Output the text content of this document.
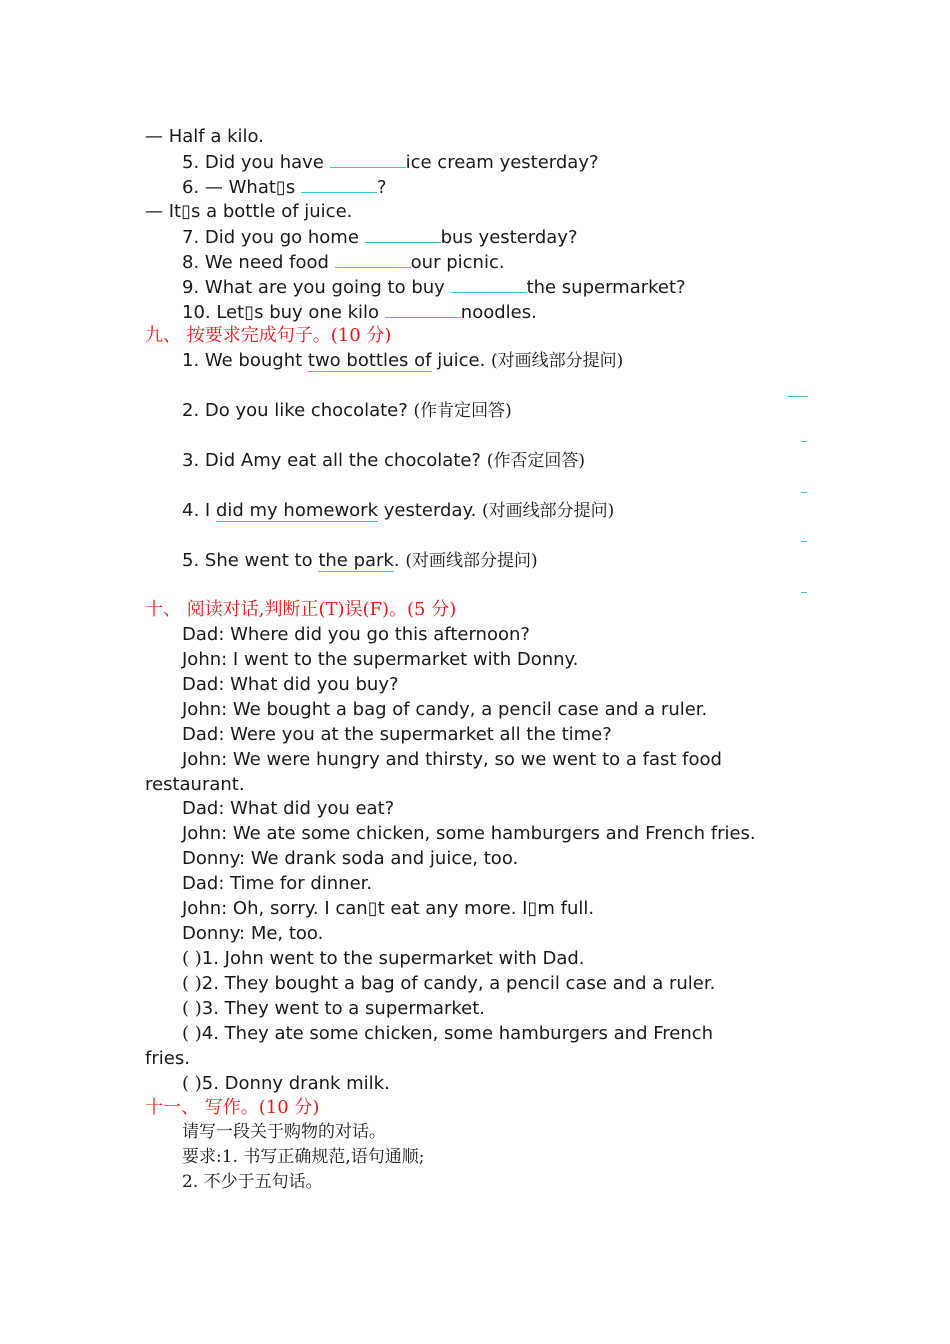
— Half a kilo.
5. Did you have	ice cream yesterday?
6. — What▯s	?
— It▯s a bottle of juice.
7. Did you go home	bus yesterday?
8. We need food	our picnic.
9. What are you going to buy	the supermarket?
10. Let▯s buy one kilo	noodles.
九、 按要求完成句子。(10 分)
1. We bought two bottles of juice. (对画线部分提问)
2. Do you like chocolate? (作肯定回答)
3. Did Amy eat all the chocolate? (作否定回答)
4. I did my homework yesterday. (对画线部分提问)
5. She went to the park. (对画线部分提问)
十、 阅读对话,判断正(T)误(F)。(5 分)
Dad: Where did you go this afternoon?
John: I went to the supermarket with Donny.
Dad: What did you buy?
John: We bought a bag of candy, a pencil case and a ruler.
Dad: Were you at the supermarket all the time?
John: We were hungry and thirsty, so we went to a fast food
restaurant.
Dad: What did you eat?
John: We ate some chicken, some hamburgers and French fries.
Donny: We drank soda and juice, too.
Dad: Time for dinner.
John: Oh, sorry. I can▯t eat any more. I▯m full.
Donny: Me, too.
( )1. John went to the supermarket with Dad.
( )2. They bought a bag of candy, a pencil case and a ruler.
( )3. They went to a supermarket.
( )4. They ate some chicken, some hamburgers and French
fries.
( )5. Donny drank milk.
十一、 写作。(10 分)
请写一段关于购物的对话。
要求:1. 书写正确规范,语句通顺;
2. 不少于五句话。
